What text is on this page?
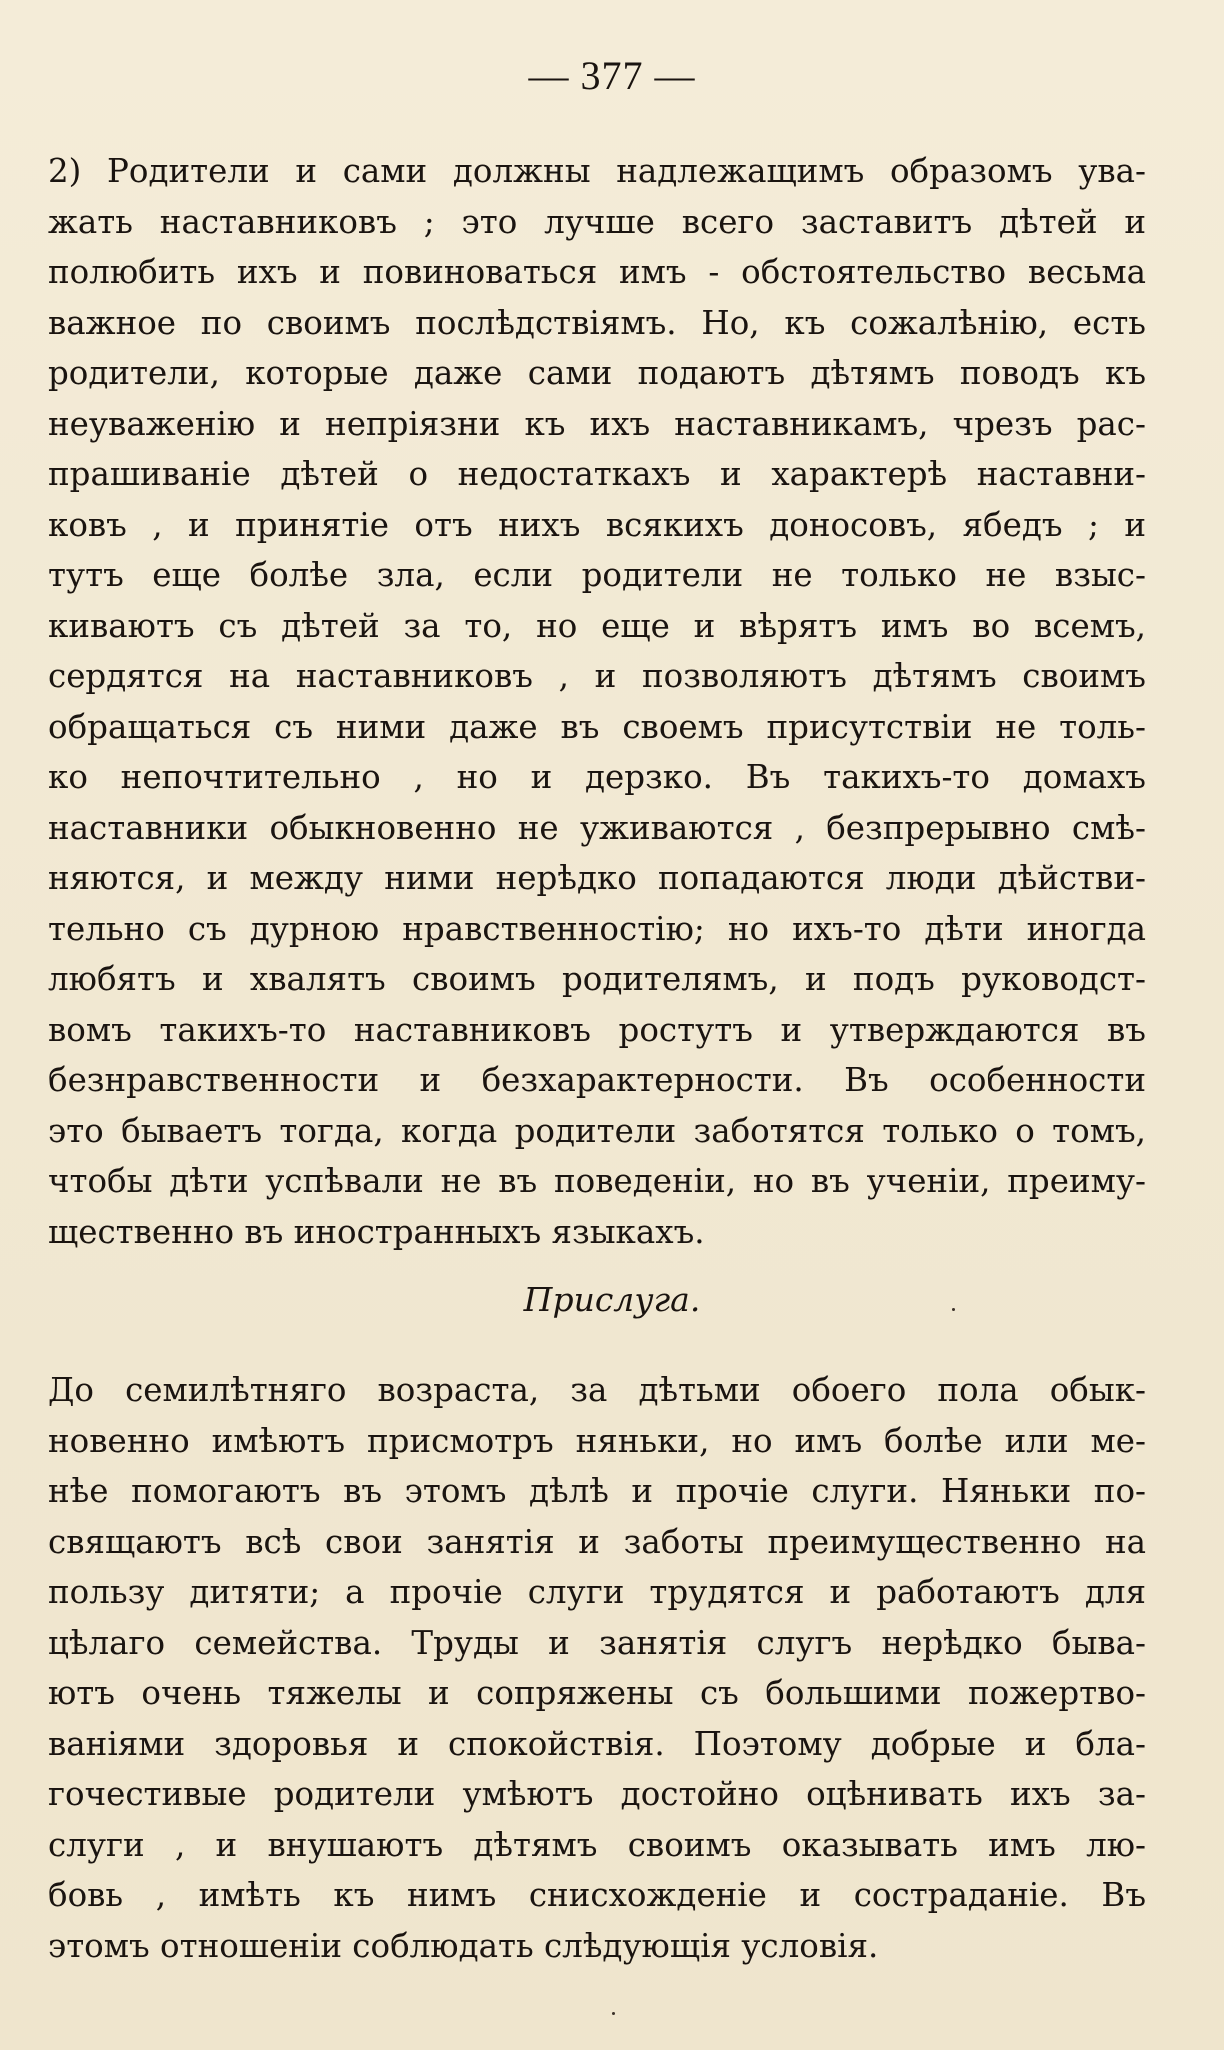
— 377 —
2) Родители и сами должны надлежащимъ образомъ ува-
жать наставниковъ ; это лучше всего заставитъ дѣтей и
полюбить ихъ и повиноваться имъ - обстоятельство весьма
важное по своимъ послѣдствіямъ. Но, къ сожалѣнію, есть
родители, которые даже сами подаютъ дѣтямъ поводъ къ
неуваженію и непріязни къ ихъ наставникамъ, чрезъ рас-
прашиваніе дѣтей о недостаткахъ и характерѣ наставни-
ковъ , и принятіе отъ нихъ всякихъ доносовъ, ябедъ ; и
тутъ еще болѣе зла, если родители не только не взыс-
киваютъ съ дѣтей за то, но еще и вѣрятъ имъ во всемъ,
сердятся на наставниковъ , и позволяютъ дѣтямъ своимъ
обращаться съ ними даже въ своемъ присутствіи не толь-
ко непочтительно , но и дерзко. Въ такихъ-то домахъ
наставники обыкновенно не уживаются , безпрерывно смѣ-
няются, и между ними нерѣдко попадаются люди дѣйстви-
тельно съ дурною нравственностію; но ихъ-то дѣти иногда
любятъ и хвалятъ своимъ родителямъ, и подъ руководст-
вомъ такихъ-то наставниковъ ростутъ и утверждаются въ
безнравственности и безхарактерности. Въ особенности
это бываетъ тогда, когда родители заботятся только о томъ,
чтобы дѣти успѣвали не въ поведеніи, но въ ученіи, преиму-
щественно въ иностранныхъ языкахъ.
Прислуга.
До семилѣтняго возраста, за дѣтьми обоего пола обык-
новенно имѣютъ присмотръ няньки, но имъ болѣе или ме-
нѣе помогаютъ въ этомъ дѣлѣ и прочіе слуги. Няньки по-
свящаютъ всѣ свои занятія и заботы преимущественно на
пользу дитяти; а прочіе слуги трудятся и работаютъ для
цѣлаго семейства. Труды и занятія слугъ нерѣдко быва-
ютъ очень тяжелы и сопряжены съ большими пожертво-
ваніями здоровья и спокойствія. Поэтому добрые и бла-
гочестивые родители умѣютъ достойно оцѣнивать ихъ за-
слуги , и внушаютъ дѣтямъ своимъ оказывать имъ лю-
бовь , имѣть къ нимъ снисхожденіе и состраданіе. Въ
этомъ отношеніи соблюдать слѣдующія условія.
